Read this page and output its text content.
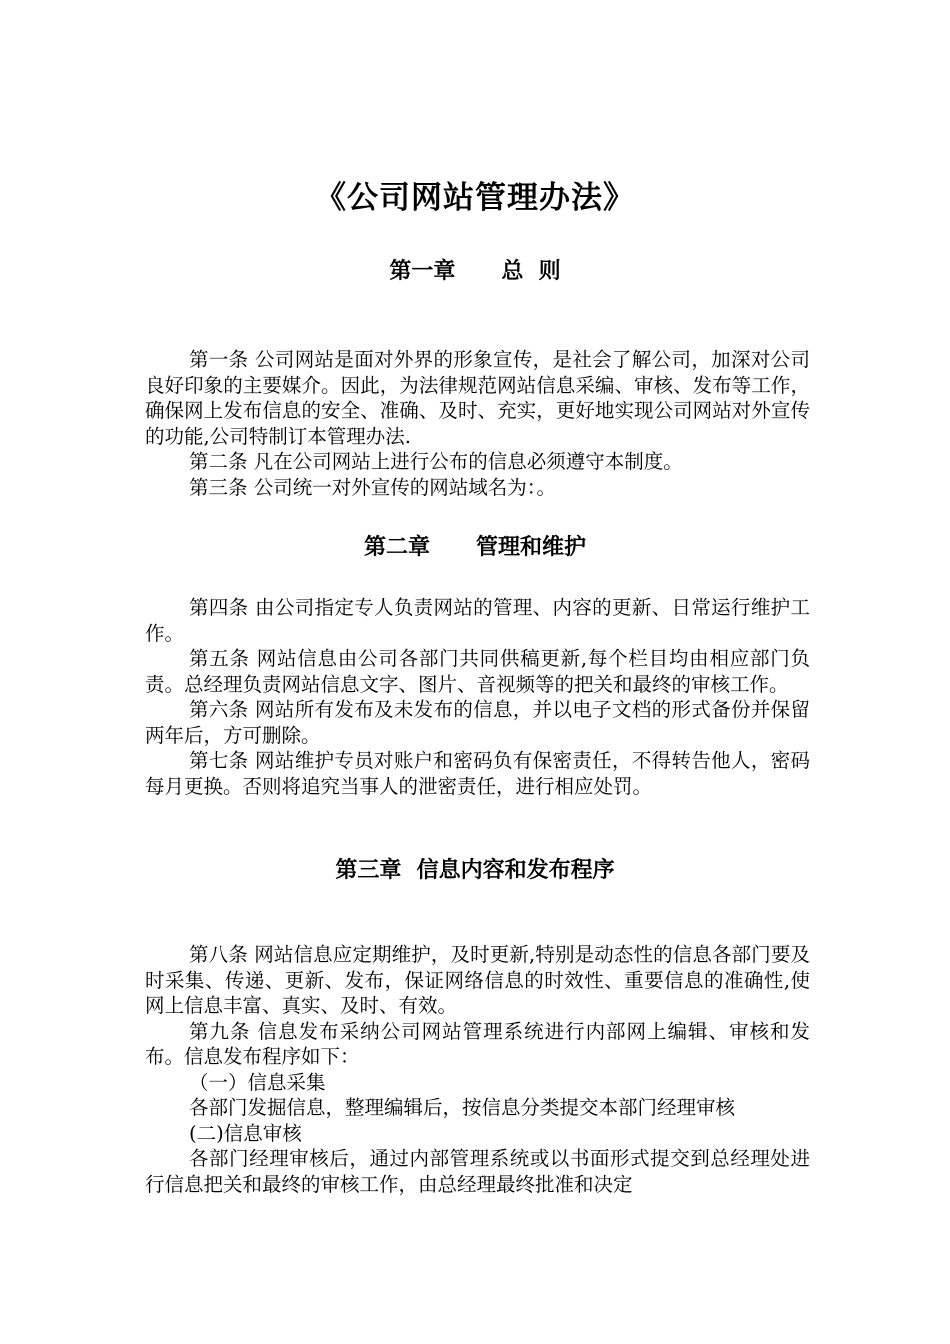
《公司网站管理办法》
第一章      总  则

第一条 公司网站是面对外界的形象宣传，是社会了解公司，加深对公司良好印象的主要媒介。因此，为法律规范网站信息采编、审核、发布等工作，确保网上发布信息的安全、准确、及时、充实，更好地实现公司网站对外宣传的功能,公司特制订本管理办法.

第二条 凡在公司网站上进行公布的信息必须遵守本制度。

第三条 公司统一对外宣传的网站域名为：。

第二章      管理和维护

第四条 由公司指定专人负责网站的管理、内容的更新、日常运行维护工作。

第五条 网站信息由公司各部门共同供稿更新,每个栏目均由相应部门负责。总经理负责网站信息文字、图片、音视频等的把关和最终的审核工作。

第六条 网站所有发布及未发布的信息，并以电子文档的形式备份并保留两年后，方可删除。

第七条 网站维护专员对账户和密码负有保密责任，不得转告他人，密码每月更换。否则将追究当事人的泄密责任，进行相应处罚。

第三章  信息内容和发布程序

第八条 网站信息应定期维护，及时更新,特别是动态性的信息各部门要及时采集、传递、更新、发布，保证网络信息的时效性、重要信息的准确性,使网上信息丰富、真实、及时、有效。

第九条 信息发布采纳公司网站管理系统进行内部网上编辑、审核和发布。信息发布程序如下：

（一）信息采集

各部门发掘信息，整理编辑后，按信息分类提交本部门经理审核

(二)信息审核

各部门经理审核后，通过内部管理系统或以书面形式提交到总经理处进行信息把关和最终的审核工作，由总经理最终批准和决定
